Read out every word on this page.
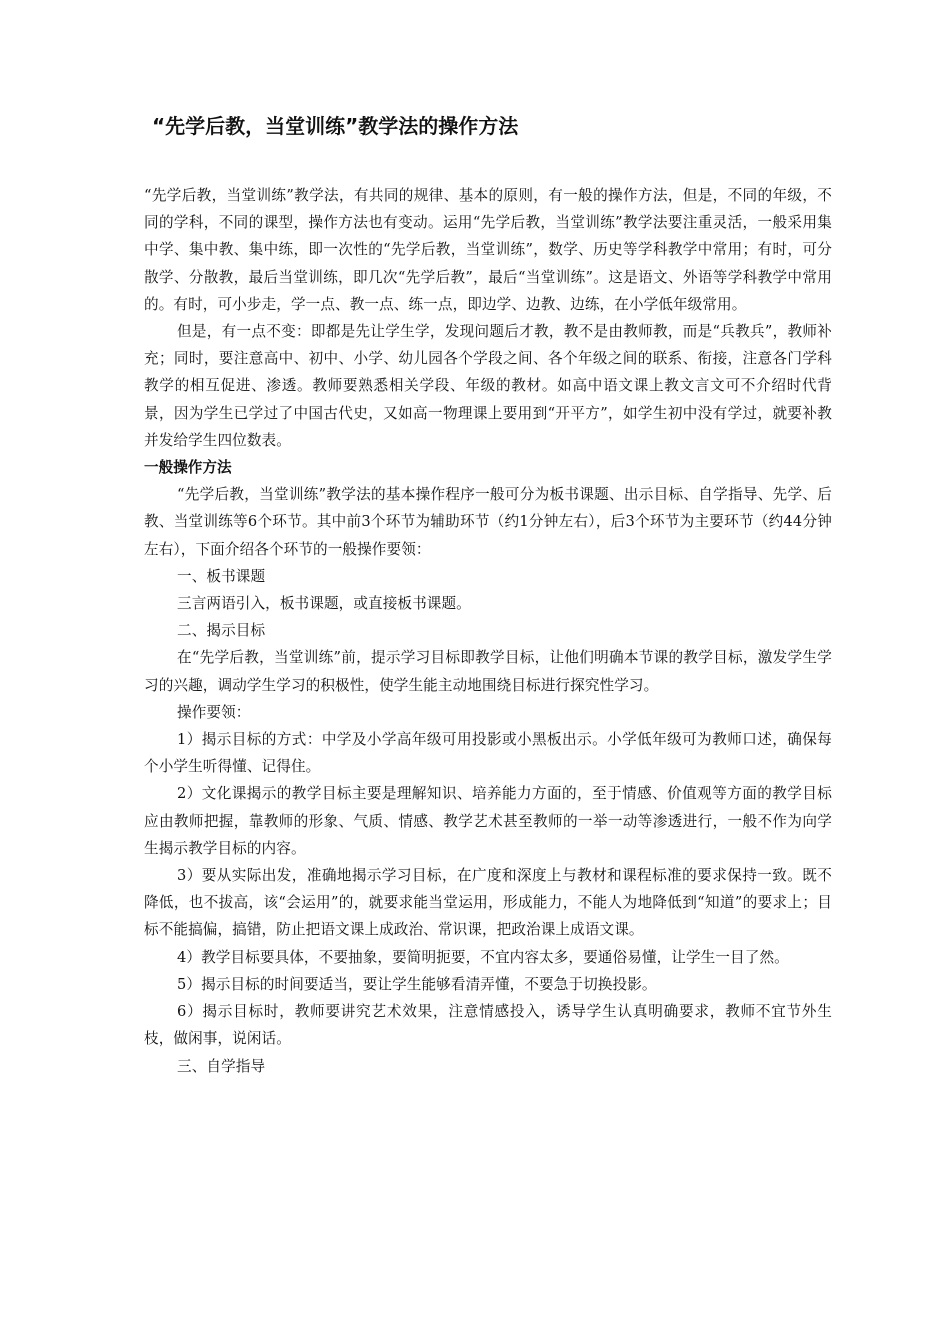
“先学后教，当堂训练”教学法的操作方法

“先学后教，当堂训练”教学法，有共同的规律、基本的原则，有一般的操作方法，但是，不同的年级，不同的学科，不同的课型，操作方法也有变动。运用“先学后教，当堂训练”教学法要注重灵活，一般采用集中学、集中教、集中练，即一次性的“先学后教，当堂训练”，数学、历史等学科教学中常用；有时，可分散学、分散教，最后当堂训练，即几次“先学后教”，最后“当堂训练”。这是语文、外语等学科教学中常用的。有时，可小步走，学一点、教一点、练一点，即边学、边教、边练，在小学低年级常用。

但是，有一点不变：即都是先让学生学，发现问题后才教，教不是由教师教，而是“兵教兵”，教师补充；同时，要注意高中、初中、小学、幼儿园各个学段之间、各个年级之间的联系、衔接，注意各门学科教学的相互促进、渗透。教师要熟悉相关学段、年级的教材。如高中语文课上教文言文可不介绍时代背景，因为学生已学过了中国古代史，又如高一物理课上要用到“开平方”，如学生初中没有学过，就要补教并发给学生四位数表。

一般操作方法

“先学后教，当堂训练”教学法的基本操作程序一般可分为板书课题、出示目标、自学指导、先学、后教、当堂训练等6个环节。其中前3个环节为辅助环节（约1分钟左右），后3个环节为主要环节（约44分钟左右），下面介绍各个环节的一般操作要领：

一、板书课题

三言两语引入，板书课题，或直接板书课题。

二、揭示目标

在“先学后教，当堂训练”前，提示学习目标即教学目标，让他们明确本节课的教学目标，激发学生学习的兴趣，调动学生学习的积极性，使学生能主动地围绕目标进行探究性学习。

操作要领：

1）揭示目标的方式：中学及小学高年级可用投影或小黑板出示。小学低年级可为教师口述，确保每个小学生听得懂、记得住。

2）文化课揭示的教学目标主要是理解知识、培养能力方面的，至于情感、价值观等方面的教学目标应由教师把握，靠教师的形象、气质、情感、教学艺术甚至教师的一举一动等渗透进行，一般不作为向学生揭示教学目标的内容。

3）要从实际出发，准确地揭示学习目标，在广度和深度上与教材和课程标准的要求保持一致。既不降低，也不拔高，该“会运用”的，就要求能当堂运用，形成能力，不能人为地降低到“知道”的要求上；目标不能搞偏，搞错，防止把语文课上成政治、常识课，把政治课上成语文课。

4）教学目标要具体，不要抽象，要简明扼要，不宜内容太多，要通俗易懂，让学生一目了然。

5）揭示目标的时间要适当，要让学生能够看清弄懂，不要急于切换投影。

6）揭示目标时，教师要讲究艺术效果，注意情感投入，诱导学生认真明确要求，教师不宜节外生枝，做闲事，说闲话。

三、自学指导
